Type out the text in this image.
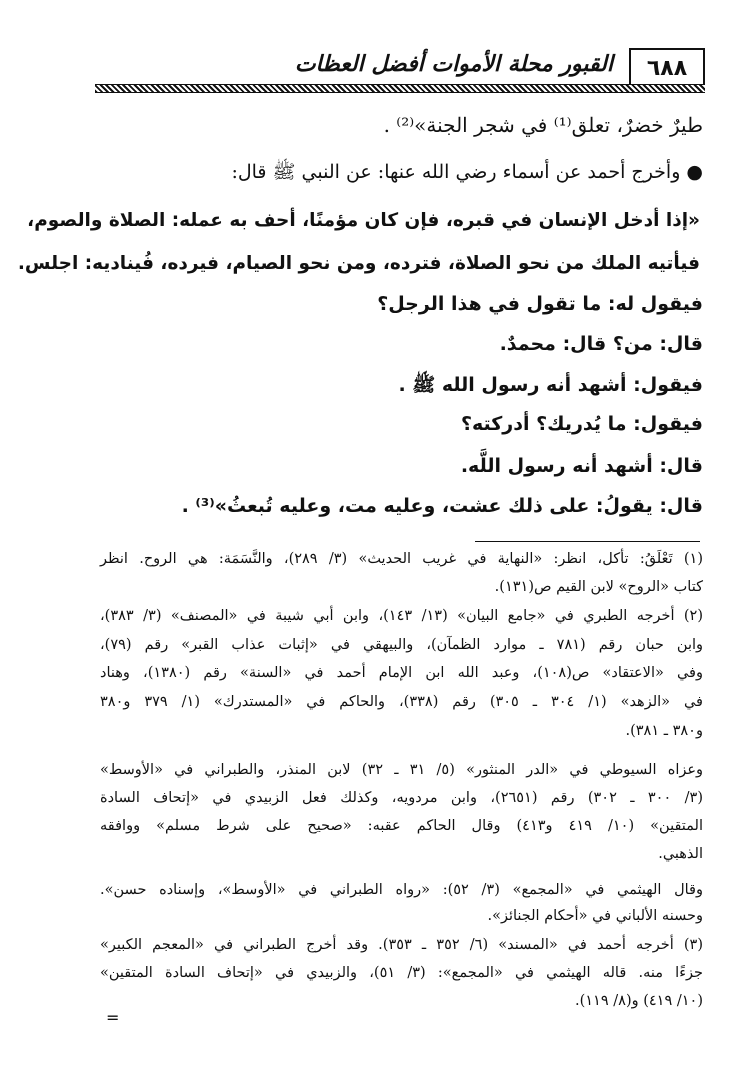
٦٨٨
القبور محلة الأموات أفضل العظات
طيرٌ خضرٌ، تعلق⁽¹⁾ في شجر الجنة»⁽²⁾ .
● وأخرج أحمد عن أسماء رضي الله عنها: عن النبي ﷺ قال:
«إذا أدخل الإنسان في قبره، فإن كان مؤمنًا، أحف به عمله: الصلاة والصوم،
فيأتيه الملك من نحو الصلاة، فترده، ومن نحو الصيام، فيرده، فُيناديه: اجلس.
فيقول له: ما تقول في هذا الرجل؟
قال: من؟ قال: محمدٌ.
فيقول: أشهد أنه رسول الله ﷺ .
فيقول: ما يُدريك؟ أدركته؟
قال: أشهد أنه رسول اللَّه.
قال: يقولُ: على ذلك عشت، وعليه مت، وعليه تُبعثُ»⁽³⁾ .
(١) تَعْلَقُ: تأكل، انظر: «النهاية في غريب الحديث» (٣/ ٢٨٩)، والنَّسَمَة: هي الروح. انظر
كتاب «الروح» لابن القيم ص(١٣١).
(٢) أخرجه الطبري في «جامع البيان» (١٣/ ١٤٣)، وابن أبي شيبة في «المصنف» (٣/ ٣٨٣)،
وابن حبان رقم (٧٨١ ـ موارد الظمآن)، والبيهقي في «إثبات عذاب القبر» رقم (٧٩)،
وفي «الاعتقاد» ص(١٠٨)، وعبد الله ابن الإمام أحمد في «السنة» رقم (١٣٨٠)، وهناد
في «الزهد» (١/ ٣٠٤ ـ ٣٠٥) رقم (٣٣٨)، والحاكم في «المستدرك» (١/ ٣٧٩ و٣٨٠
و٣٨٠ ـ ٣٨١).
وعزاه السيوطي في «الدر المنثور» (٥/ ٣١ ـ ٣٢) لابن المنذر، والطبراني في «الأوسط»
(٣/ ٣٠٠ ـ ٣٠٢) رقم (٢٦٥١)، وابن مردويه، وكذلك فعل الزبيدي في «إتحاف السادة
المتقين» (١٠/ ٤١٩ و٤١٣) وقال الحاكم عقبه: «صحيح على شرط مسلم» ووافقه
الذهبي.
وقال الهيثمي في «المجمع» (٣/ ٥٢): «رواه الطبراني في «الأوسط»، وإسناده حسن».
وحسنه الألباني في «أحكام الجنائز».
(٣) أخرجه أحمد في «المسند» (٦/ ٣٥٢ ـ ٣٥٣). وقد أخرج الطبراني في «المعجم الكبير»
جزءًا منه. قاله الهيثمي في «المجمع»: (٣/ ٥١)، والزبيدي في «إتحاف السادة المتقين»
(١٠/ ٤١٩) و(٨/ ١١٩).
=
